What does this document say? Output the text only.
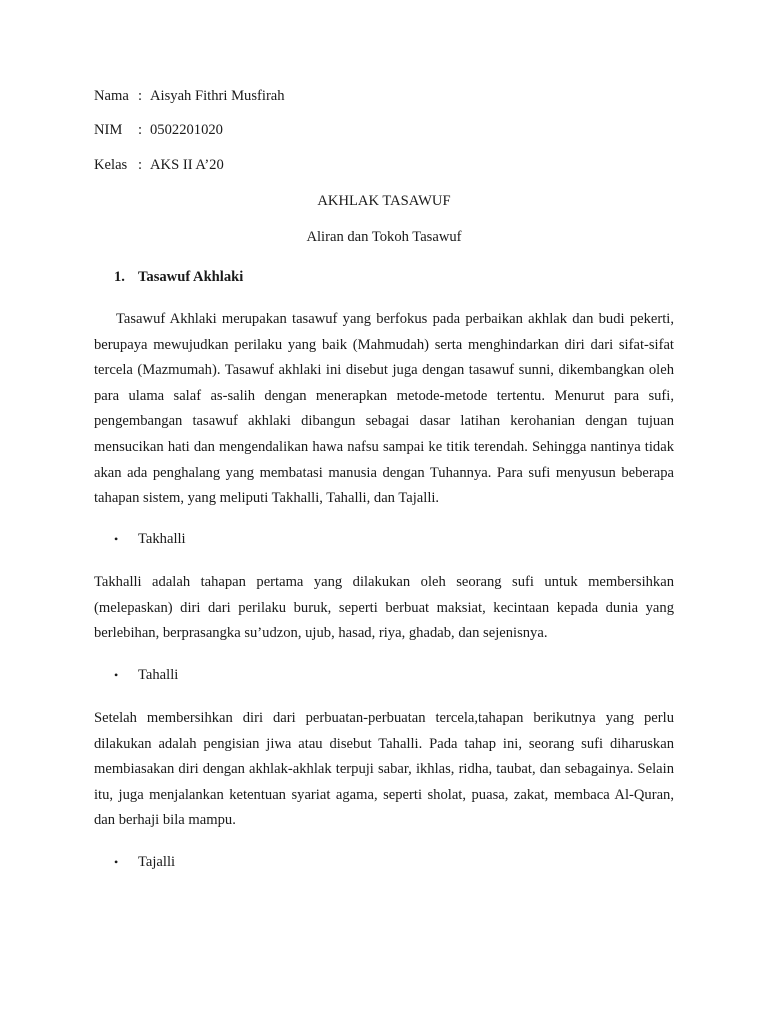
Nama : Aisyah Fithri Musfirah
NIM : 0502201020
Kelas : AKS II A’20
AKHLAK TASAWUF
Aliran dan Tokoh Tasawuf
1. Tasawuf Akhlaki

Tasawuf Akhlaki merupakan tasawuf yang berfokus pada perbaikan akhlak dan budi pekerti, berupaya mewujudkan perilaku yang baik (Mahmudah) serta menghindarkan diri dari sifat-sifat tercela (Mazmumah). Tasawuf akhlaki ini disebut juga dengan tasawuf sunni, dikembangkan oleh para ulama salaf as-salih dengan menerapkan metode-metode tertentu. Menurut para sufi, pengembangan tasawuf akhlaki dibangun sebagai dasar latihan kerohanian dengan tujuan mensucikan hati dan mengendalikan hawa nafsu sampai ke titik terendah. Sehingga nantinya tidak akan ada penghalang yang membatasi manusia dengan Tuhannya. Para sufi menyusun beberapa tahapan sistem, yang meliputi Takhalli, Tahalli, dan Tajalli.

• Takhalli

Takhalli adalah tahapan pertama yang dilakukan oleh seorang sufi untuk membersihkan (melepaskan) diri dari perilaku buruk, seperti berbuat maksiat, kecintaan kepada dunia yang berlebihan, berprasangka su’udzon, ujub, hasad, riya, ghadab, dan sejenisnya.

• Tahalli

Setelah membersihkan diri dari perbuatan-perbuatan tercela,tahapan berikutnya yang perlu dilakukan adalah pengisian jiwa atau disebut Tahalli. Pada tahap ini, seorang sufi diharuskan membiasakan diri dengan akhlak-akhlak terpuji sabar, ikhlas, ridha, taubat, dan sebagainya. Selain itu, juga menjalankan ketentuan syariat agama, seperti sholat, puasa, zakat, membaca Al-Quran, dan berhaji bila mampu.

• Tajalli
